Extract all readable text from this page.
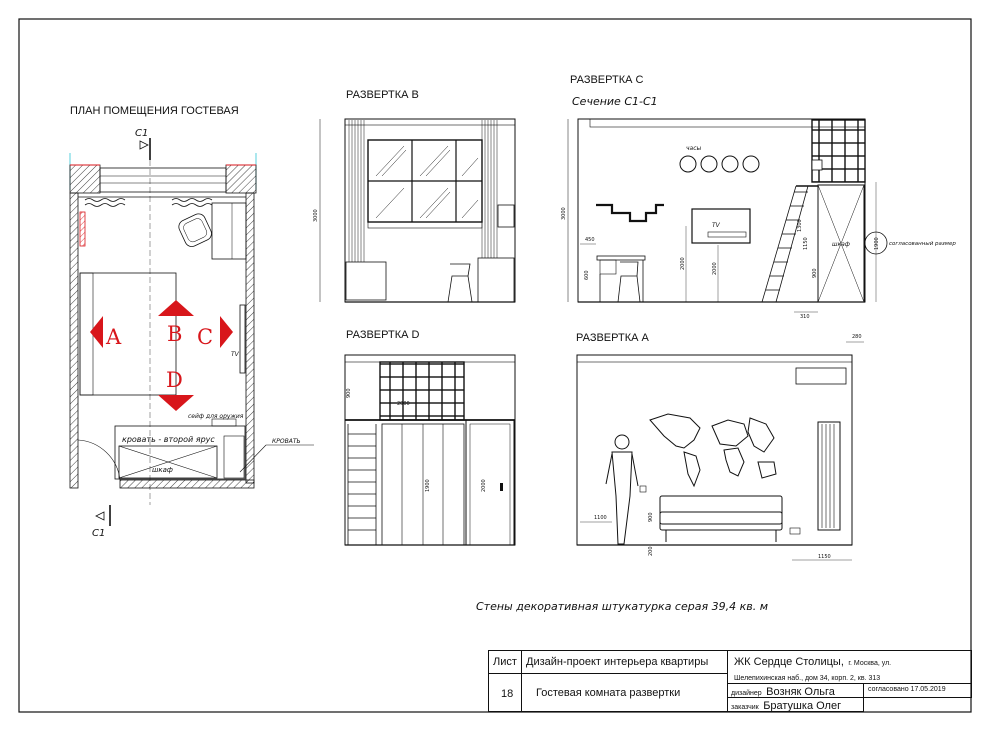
ПЛАН ПОМЕЩЕНИЯ ГОСТЕВАЯ
C1
C1
TV
A B C
D
сейф для оружия
кровать - второй ярус
шкаф
КРОВАТЬ
РАЗВЕРТКА B
3000
РАЗВЕРТКА C
Сечение С1-С1
часы
TV
2000	2000
450
600
шкаф
1300
1150
900
310
1900 согласованный размер
3000
РАЗВЕРТКА D
900
2000
1900	2000
РАЗВЕРТКА A	280
1100	900
200
1150
Стены декоративная штукатурка серая 39,4 кв. м
Лист Дизайн-проект интерьера квартиры	ЖК Сердце Столицы, г. Москва, ул.
Шелепихинская наб., дом 34, корп. 2, кв. 313
18	Гостевая комната развертки	дизайнер Возняк Ольга	согласовано 17.05.2019
заказчик Братушка Олег
